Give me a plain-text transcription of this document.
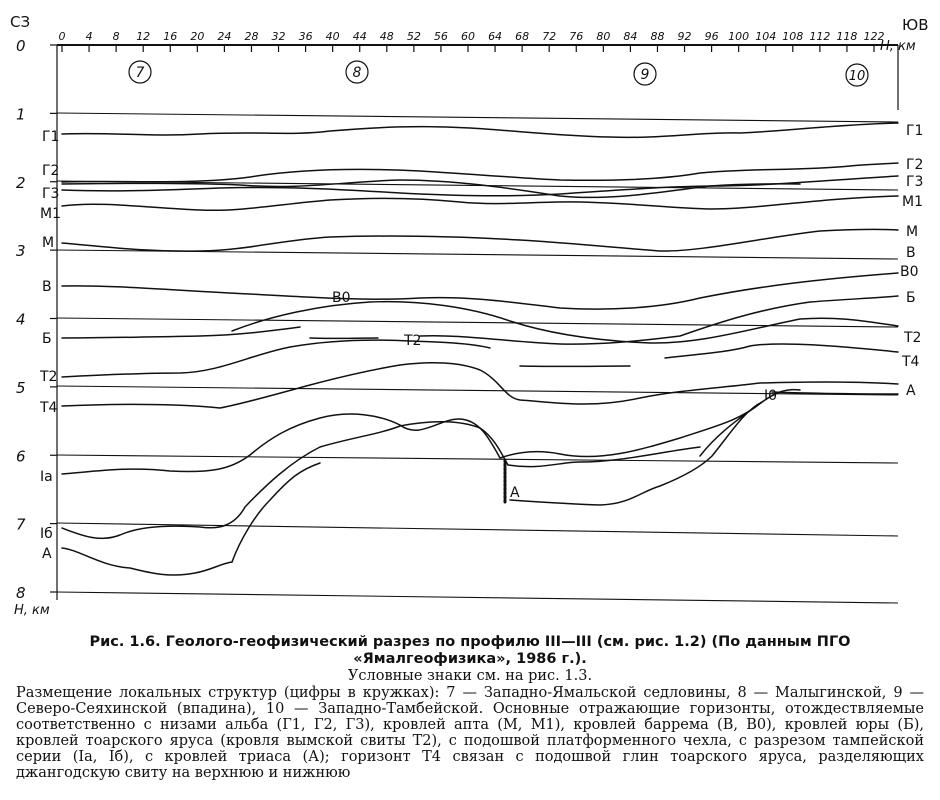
СЗ	ЮВ
0 4 8 12 16 20 24 28 32 36 40 44 48 52 56 60 64 68 72 76 80 84 88 92 96 100 104 108 112 118 122
Н, км
0
1
2
3
4
5
6
7
8
Н, км
7	8	9	10
Г1
Г2
Г3
М1
М
В
Б
Т2
Т4
Iа
Iб
А
Г1
Г2
Г3
М1
М
В
В0
Б
Т2
Т4
А
В0
Т2
А
I0

Рис. 1.6. Геолого-геофизический разрез по профилю III—III (см. рис. 1.2) (По данным ПГО

«Ямалгеофизика», 1986 г.).

Условные знаки см. на рис. 1.3.

Размещение локальных структур (цифры в кружках): 7 — Западно-Ямальской седловины, 8 — Малыгинской, 9 — Северо-Сеяхинской (впадина), 10 — Западно-Тамбейской. Основные отражающие горизонты, отождествляемые соответственно с низами альба (Г1, Г2, Г3), кровлей апта (М, М1), кровлей баррема (В, В0), кровлей юры (Б), кровлей тоарского яруса (кровля вымской свиты Т2), с подошвой платформенного чехла, с разрезом тампейской серии (Iа, Iб), с кровлей триаса (А); горизонт Т4 связан с подошвой глин тоарского яруса, разделяющих джангодскую свиту на верхнюю и нижнюю
